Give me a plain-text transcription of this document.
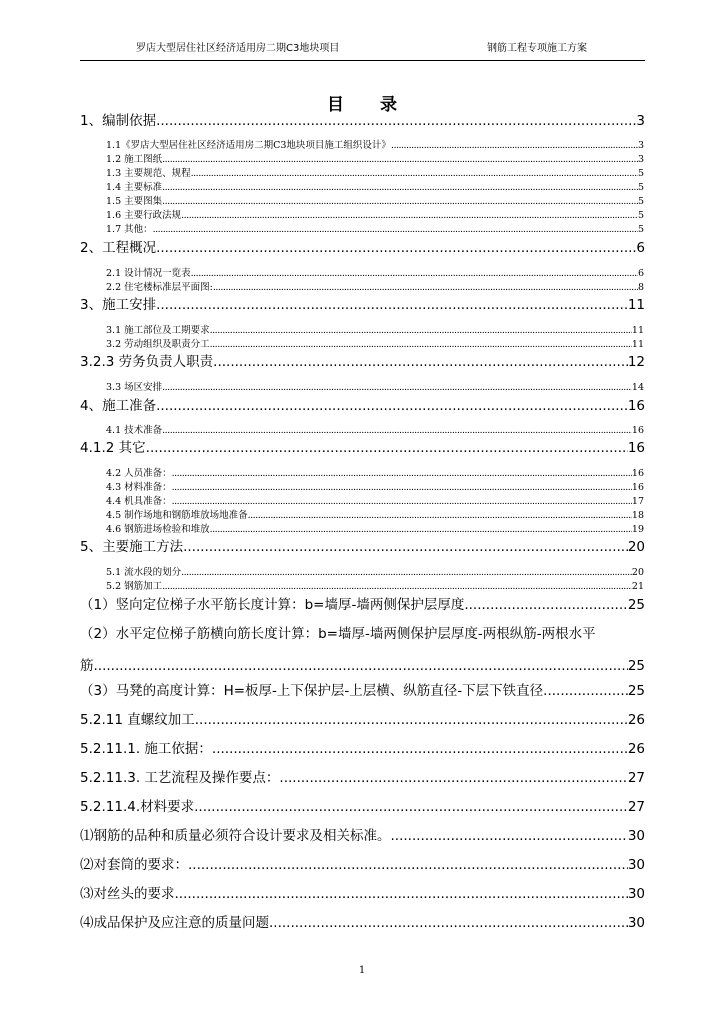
罗店大型居住社区经济适用房二期C3地块项目	钢筋工程专项施工方案
目录
1、编制依据 .....	3
1.1《罗店大型居住社区经济适用房二期C3地块项目施工组织设计》 .....	3
1.2 施工图纸 .....	3
1.3 主要规范、规程 .....	5
1.4 主要标准 .....	5
1.5 主要图集 .....	5
1.6 主要行政法规 .....	5
1.7 其他： .....	5
2、工程概况 .....	6
2.1 设计情况一览表 .....	6
2.2 住宅楼标准层平面图: .....	8
3、施工安排 .....	11
3.1 施工部位及工期要求 .....	11
3.2 劳动组织及职责分工 .....	11
3.2.3 劳务负责人职责 .....	12
3.3 场区安排 .....	14
4、施工准备 .....	16
4.1 技术准备 .....	16
4.1.2 其它 .....	16
4.2 人员准备： .....	16
4.3 材料准备： .....	16
4.4 机具准备： .....	17
4.5 制作场地和钢筋堆放场地准备 .....	18
4.6 钢筋进场检验和堆放 .....	19
5、主要施工方法 .....	20
5.1 流水段的划分 .....	20
5.2 钢筋加工 .....	21
（1）竖向定位梯子水平筋长度计算：b=墙厚-墙两侧保护层厚度 .....	25
（2）水平定位梯子筋横向筋长度计算：b=墙厚-墙两侧保护层厚度-两根纵筋-两根水平
筋 .....	25
（3）马凳的高度计算：H=板厚-上下保护层-上层横、纵筋直径-下层下铁直径 .....	25
5.2.11 直螺纹加工 .....	26
5.2.11.1. 施工依据： .....	26
5.2.11.3. 工艺流程及操作要点： .....	27
5.2.11.4.材料要求 .....	27
⑴钢筋的品种和质量必须符合设计要求及相关标准。 .....	30
⑵对套筒的要求： .....	30
⑶对丝头的要求 .....	30
⑷成品保护及应注意的质量问题 .....	30
1
